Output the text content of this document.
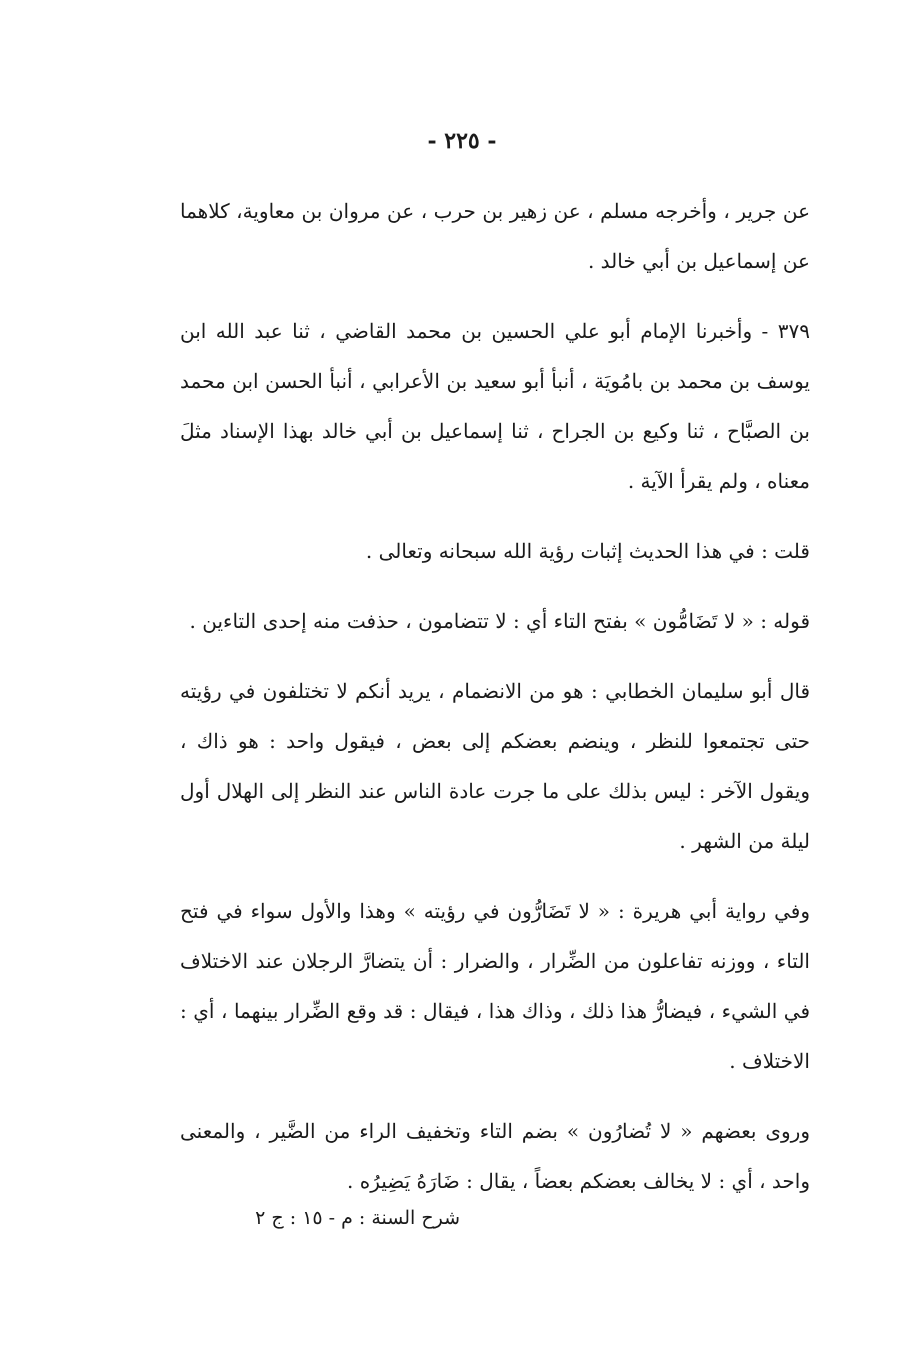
- ٢٢٥ -

عن جرير ، وأخرجه مسلم ، عن زهير بن حرب ، عن مروان بن معاوية، كلاهما عن إسماعيل بن أبي خالد .

٣٧٩ - وأخبرنا الإمام أبو علي الحسين بن محمد القاضي ، ثنا عبد الله ابن يوسف بن محمد بن بامُويَة ، أنبأ أبو سعيد بن الأعرابي ، أنبأ الحسن ابن محمد بن الصبَّاح ، ثنا وكيع بن الجراح ، ثنا إسماعيل بن أبي خالد بهذا الإسناد مثلَ معناه ، ولم يقرأ الآية .

قلت : في هذا الحديث إثبات رؤية الله سبحانه وتعالى .

قوله : « لا تَضَامُّون » بفتح التاء أي : لا تتضامون ، حذفت منه إحدى التاءين .

قال أبو سليمان الخطابي : هو من الانضمام ، يريد أنكم لا تختلفون في رؤيته حتى تجتمعوا للنظر ، وينضم بعضكم إلى بعض ، فيقول واحد : هو ذاك ، ويقول الآخر : ليس بذلك على ما جرت عادة الناس عند النظر إلى الهلال أول ليلة من الشهر .

وفي رواية أبي هريرة : « لا تَضَارُّون في رؤيته » وهذا والأول سواء في فتح التاء ، ووزنه تفاعلون من الضِّرار ، والضرار : أن يتضارَّ الرجلان عند الاختلاف في الشيء ، فيضارُّ هذا ذلك ، وذاك هذا ، فيقال : قد وقع الضِّرار بينهما ، أي : الاختلاف .

وروى بعضهم « لا تُضارُون » بضم التاء وتخفيف الراء من الضَّير ، والمعنى واحد ، أي : لا يخالف بعضكم بعضاً ، يقال : ضَارَهُ يَضِيرُه .

شرح السنة : م - ١٥ : ج ٢
